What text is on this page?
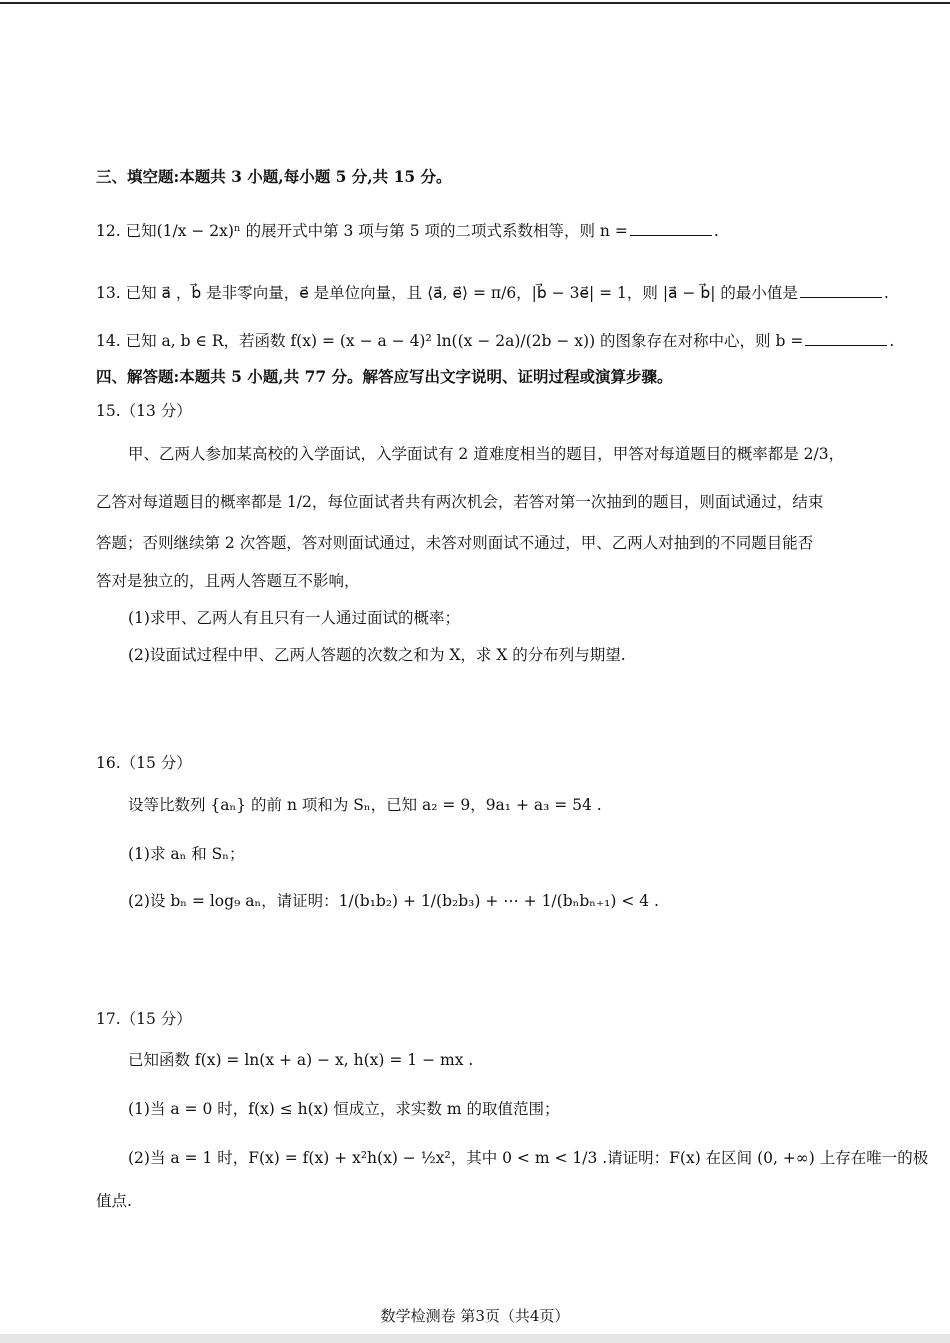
三、填空题:本题共 3 小题,每小题 5 分,共 15 分。
12. 已知(1/x − 2x)ⁿ 的展开式中第 3 项与第 5 项的二项式系数相等，则 n =	.
13. 已知 a⃗ ，b⃗ 是非零向量，e⃗ 是单位向量，且 ⟨a⃗, e⃗⟩ = π/6，|b⃗ − 3e⃗| = 1，则 |a⃗ − b⃗| 的最小值是	.
14. 已知 a, b ∈ R，若函数 f(x) = (x − a − 4)² ln((x − 2a)/(2b − x)) 的图象存在对称中心，则 b =	.
四、解答题:本题共 5 小题,共 77 分。解答应写出文字说明、证明过程或演算步骤。
15.（13 分）
甲、乙两人参加某高校的入学面试，入学面试有 2 道难度相当的题目，甲答对每道题目的概率都是 2/3，
乙答对每道题目的概率都是 1/2，每位面试者共有两次机会，若答对第一次抽到的题目，则面试通过，结束
答题；否则继续第 2 次答题，答对则面试通过，未答对则面试不通过，甲、乙两人对抽到的不同题目能否
答对是独立的，且两人答题互不影响，
(1)求甲、乙两人有且只有一人通过面试的概率；
(2)设面试过程中甲、乙两人答题的次数之和为 X，求 X 的分布列与期望.
16.（15 分）
设等比数列 {aₙ} 的前 n 项和为 Sₙ，已知 a₂ = 9，9a₁ + a₃ = 54 .
(1)求 aₙ 和 Sₙ；
(2)设 bₙ = log₉ aₙ，请证明：1/(b₁b₂) + 1/(b₂b₃) + ⋯ + 1/(bₙbₙ₊₁) < 4 .
17.（15 分）
已知函数 f(x) = ln(x + a) − x, h(x) = 1 − mx .
(1)当 a = 0 时，f(x) ≤ h(x) 恒成立，求实数 m 的取值范围；
(2)当 a = 1 时，F(x) = f(x) + x²h(x) − ½x²，其中 0 < m < 1/3 .请证明：F(x) 在区间 (0, +∞) 上存在唯一的极
值点.
数学检测卷 第3页（共4页）
